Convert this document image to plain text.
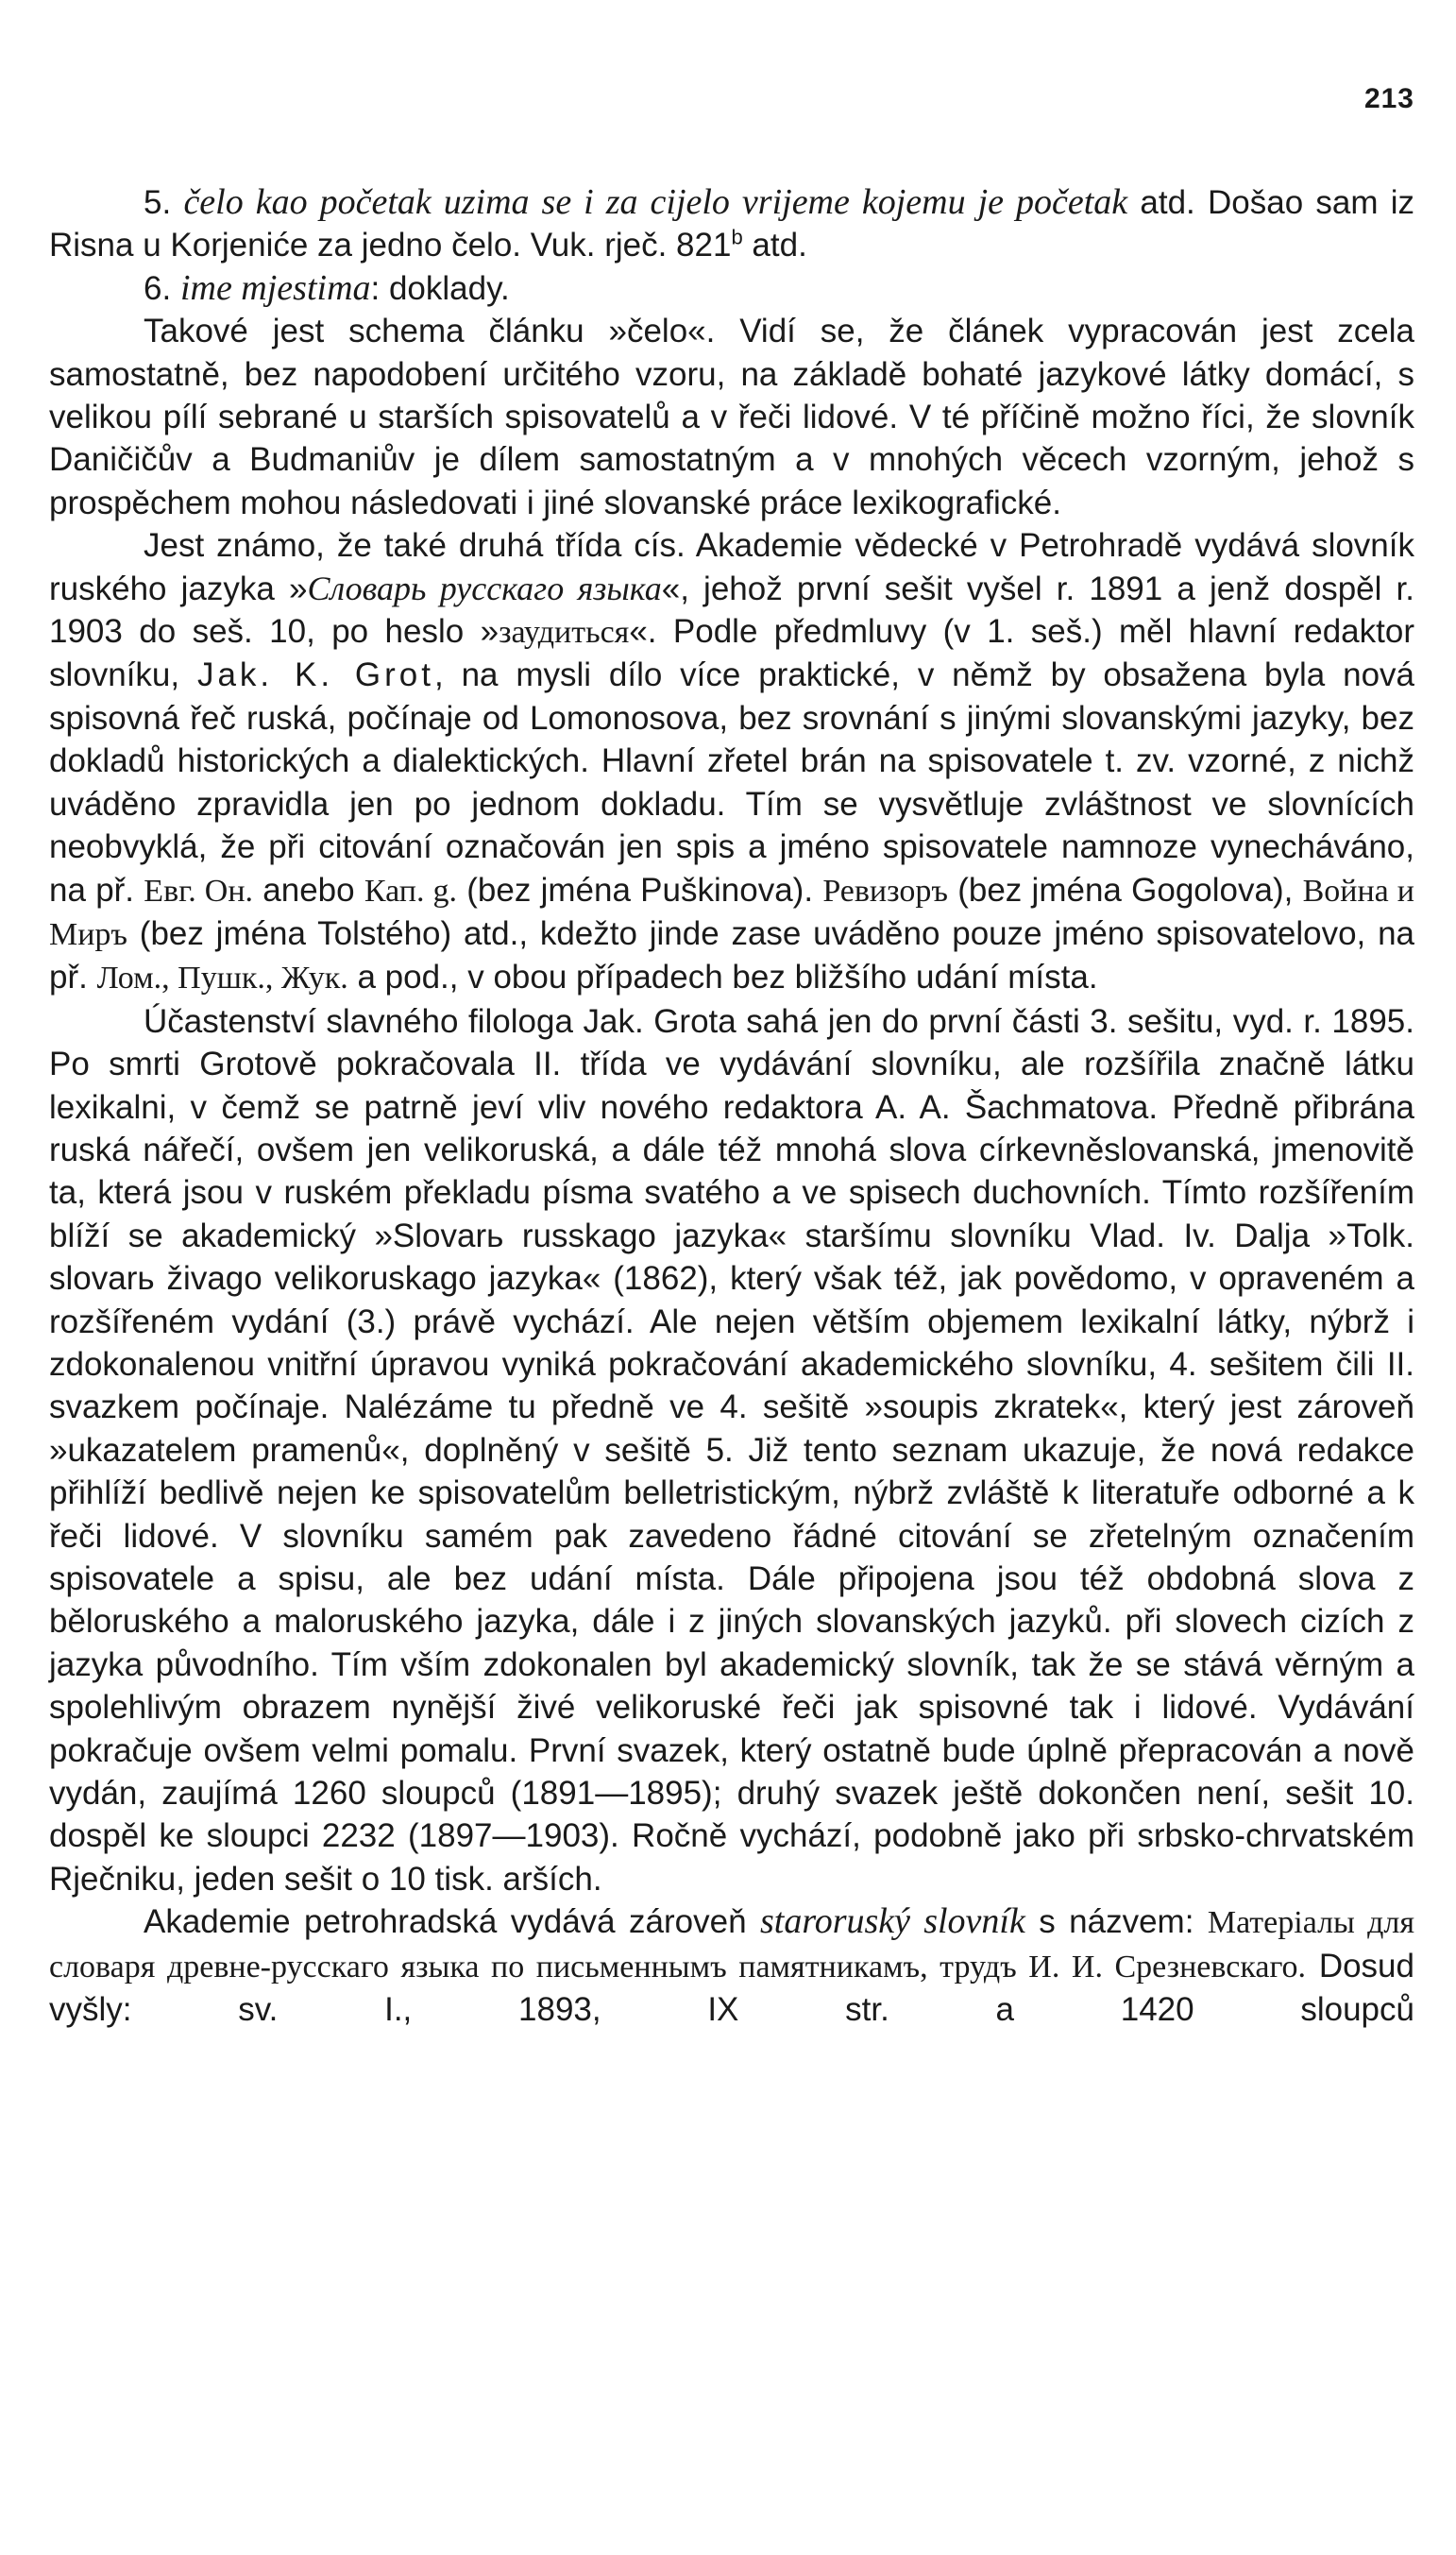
213

5. čelo kao početak uzima se i za cijelo vrijeme kojemu je početak atd. Došao sam iz Risna u Korjeniće za jedno čelo. Vuk. rječ. 821$^b$ atd.

6. ime mjestima: doklady.

Takové jest schema článku »čelo«. Vidí se, že článek vypracován jest zcela samostatně, bez napodobení určitého vzoru, na základě bohaté jazykové látky domácí, s velikou pílí sebrané u starších spisovatelů a v řeči lidové. V té příčině možno říci, že slovník Daničičův a Budmaniův je dílem samostatným a v mnohých věcech vzorným, jehož s prospěchem mohou následovati i jiné slovanské práce lexikografické.

Jest známo, že také druhá třída cís. Akademie vědecké v Petrohradě vydává slovník ruského jazyka »Словарь русскаго языка«, jehož první sešit vyšel r. 1891 a jenž dospěl r. 1903 do seš. 10, po heslo »заудиться«. Podle předmluvy (v 1. seš.) měl hlavní redaktor slovníku, Jak. K. Grot, na mysli dílo více praktické, v němž by obsažena byla nová spisovná řeč ruská, počínaje od Lomonosova, bez srovnání s jinými slovanskými jazyky, bez dokladů historických a dialektických. Hlavní zřetel brán na spisovatele t. zv. vzorné, z nichž uváděno zpravidla jen po jednom dokladu. Tím se vysvětluje zvláštnost ve slovnících neobvyklá, že při citování označován jen spis a jméno spisovatele namnoze vynecháváno, na př. Евг. Он. anebo Кап. g. (bez jména Puškinova). Ревизоръ (bez jména Gogolova), Война и Миръ (bez jména Tolstého) atd., kdežto jinde zase uváděno pouze jméno spisovatelovo, na př. Лом., Пушк., Жук. a pod., v obou případech bez bližšího udání místa.

Účastenství slavného filologa Jak. Grota sahá jen do první části 3. sešitu, vyd. r. 1895. Po smrti Grotově pokračovala II. třída ve vydávání slovníku, ale rozšířila značně látku lexikalni, v čemž se patrně jeví vliv nového redaktora A. A. Šachmatova. Předně přibrána ruská nářečí, ovšem jen velikoruská, a dále též mnohá slova církevněslovanská, jmenovitě ta, která jsou v ruském překladu písma svatého a ve spisech duchovních. Tímto rozšířením blíží se akademický »Slovarь russkago jazyka« staršímu slovníku Vlad. Iv. Dalja »Tolk. slovarь živago velikoruskago jazyka« (1862), který však též, jak povědomo, v opraveném a rozšířeném vydání (3.) právě vychází. Ale nejen větším objemem lexikalní látky, nýbrž i zdokonalenou vnitřní úpravou vyniká pokračování akademického slovníku, 4. sešitem čili II. svazkem počínaje. Nalézáme tu předně ve 4. sešitě »soupis zkratek«, který jest zároveň »ukazatelem pramenů«, doplněný v sešitě 5. Již tento seznam ukazuje, že nová redakce přihlíží bedlivě nejen ke spisovatelům belletristickým, nýbrž zvláště k literatuře odborné a k řeči lidové. V slovníku samém pak zavedeno řádné citování se zřetelným označením spisovatele a spisu, ale bez udání místa. Dále připojena jsou též obdobná slova z běloruského a maloruského jazyka, dále i z jiných slovanských jazyků. při slovech cizích z jazyka původního. Tím vším zdokonalen byl akademický slovník, tak že se stává věrným a spolehlivým obrazem nynější živé velikoruské řeči jak spisovné tak i lidové. Vydávání pokračuje ovšem velmi pomalu. První svazek, který ostatně bude úplně přepracován a nově vydán, zaujímá 1260 sloupců (1891—1895); druhý svazek ještě dokončen není, sešit 10. dospěl ke sloupci 2232 (1897—1903). Ročně vychází, podobně jako při srbsko-chrvatském Rječniku, jeden sešit o 10 tisk. arších.

Akademie petrohradská vydává zároveň staroruský slovník s názvem: Матеріалы для словаря древне-русскаго языка по письменнымъ памятникамъ, трудъ И. И. Срезневскаго. Dosud vyšly: sv. I., 1893, IX str. a 1420 sloupců
